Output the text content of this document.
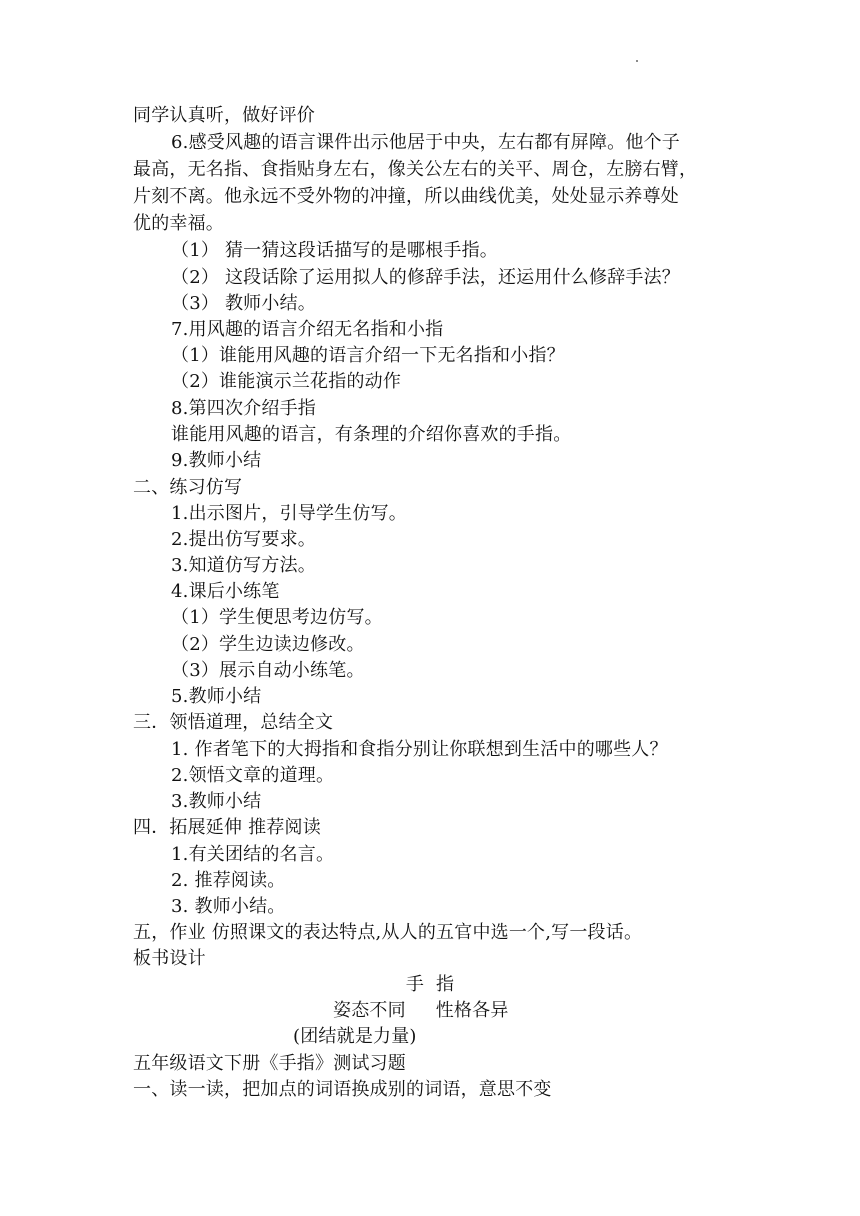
同学认真听，做好评价
6.感受风趣的语言课件出示他居于中央，左右都有屏障。他个子
最高，无名指、食指贴身左右，像关公左右的关平、周仓，左膀右臂，
片刻不离。他永远不受外物的冲撞，所以曲线优美，处处显示养尊处
优的幸福。
（1） 猜一猜这段话描写的是哪根手指。
（2） 这段话除了运用拟人的修辞手法，还运用什么修辞手法？
（3） 教师小结。
7.用风趣的语言介绍无名指和小指
（1）谁能用风趣的语言介绍一下无名指和小指？
（2）谁能演示兰花指的动作
8.第四次介绍手指
谁能用风趣的语言，有条理的介绍你喜欢的手指。
9.教师小结
二、练习仿写
1.出示图片，引导学生仿写。
2.提出仿写要求。
3.知道仿写方法。
4.课后小练笔
（1）学生便思考边仿写。
（2）学生边读边修改。
（3）展示自动小练笔。
5.教师小结
三．领悟道理，总结全文
1. 作者笔下的大拇指和食指分别让你联想到生活中的哪些人？
2.领悟文章的道理。
3.教师小结
四．拓展延伸 推荐阅读
1.有关团结的名言。
2. 推荐阅读。
3. 教师小结。
五，作业 仿照课文的表达特点,从人的五官中选一个,写一段话。
板书设计
手 指
姿态不同 性格各异
(团结就是力量)
五年级语文下册《手指》测试习题
一、读一读，把加点的词语换成别的词语，意思不变
